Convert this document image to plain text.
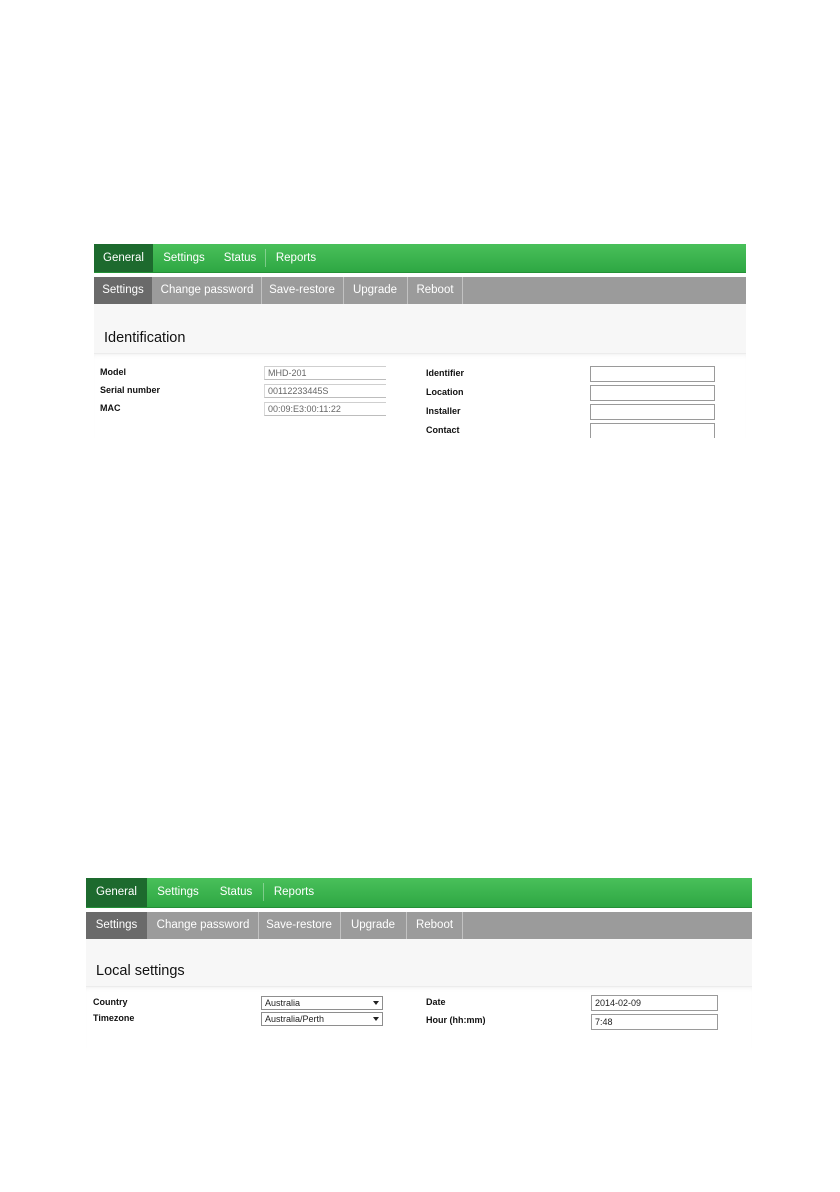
General	Settings	Status	Reports
Settings	Change password	Save-restore	Upgrade	Reboot
Identification
Model	MHD-201
Serial number	00112233445S
MAC	00:09:E3:00:11:22
Identifier
Location
Installer
Contact
General	Settings	Status	Reports
Settings	Change password	Save-restore	Upgrade	Reboot
Local settings
Country	Australia
Timezone	Australia/Perth
Date	2014-02-09
Hour (hh:mm)	7:48
